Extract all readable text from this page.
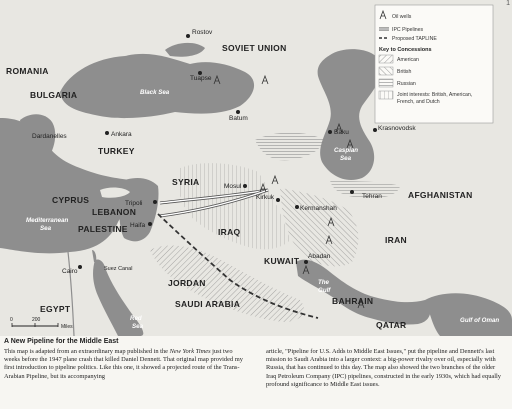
ROMANIA
SOVIET UNION
BULGARIA
TURKEY
CYPRUS
SYRIA
LEBANON
PALESTINE	IRAQ
IRAN
AFGHANISTAN
KUWAIT
JORDAN
SAUDI ARABIA
EGYPT
BAHRAIN
QATAR
Rostov
Tuapse
Batum
Ankara
Dardanelles
Baku
Krasnovodsk
Tehran
Mosul
Kirkuk
Kermanshah
Tripoli
Haifa
Cairo	Suez Canal
Abadan
Black Sea
Caspian
Sea
Mediterranean
Sea
The
Gulf
Red
Sea
Gulf of Oman
0	200
Miles
Oil wells
IPC Pipelines
Proposed TAPLINE
Key to Concessions
American
British
Russian
Joint interests: British, American,
French, and Dutch
1
A New Pipeline for the Middle East
This map is adapted from an extraordinary map published in the New York Times just two weeks before the 1947 plane crash that killed Daniel Dennett. That original map provided my first introduction to pipeline politics. Like this one, it showed a projected route of the Trans-Arabian Pipeline, but its accompanying
article, "Pipeline for U.S. Adds to Middle East Issues," put the pipeline and Dennett's last mission to Saudi Arabia into a larger context: a big-power rivalry over oil, especially with Russia, that has continued to this day. The map also showed the two branches of the older Iraq Petroleum Company (IPC) pipelines, constructed in the early 1930s, which had equally profound significance to Middle East issues.
